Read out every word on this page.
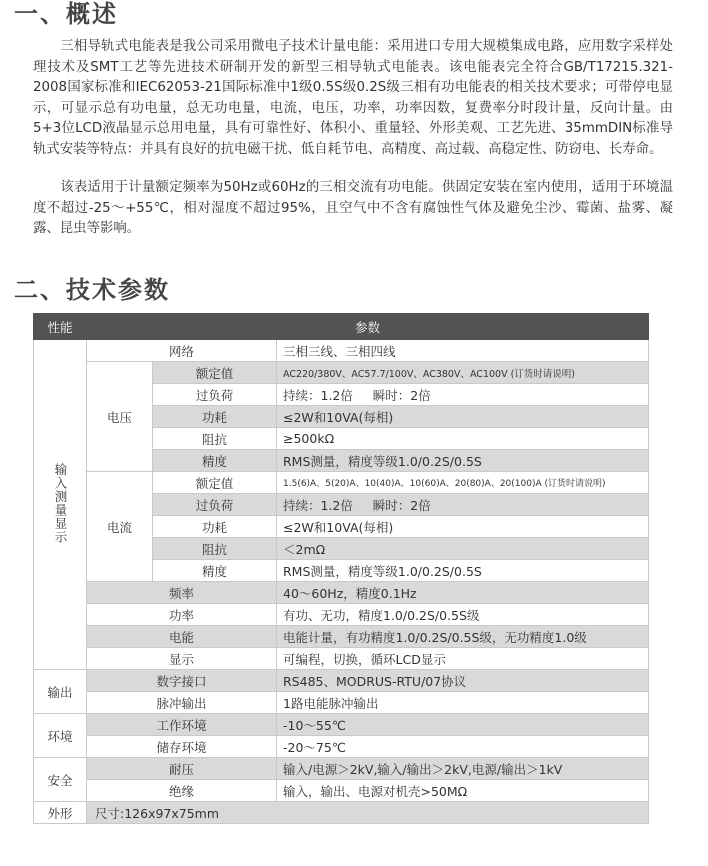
一、概述

三相导轨式电能表是我公司采用微电子技术计量电能：采用进口专用大规模集成电路，应用数字采样处理技术及SMT工艺等先进技术研制开发的新型三相导轨式电能表。该电能表完全符合GB/T17215.321-2008国家标准和IEC62053-21国际标准中1级0.5S级0.2S级三相有功电能表的相关技术要求；可带停电显示，可显示总有功电量，总无功电量，电流，电压，功率，功率因数，复费率分时段计量，反向计量。由5+3位LCD液晶显示总用电量，具有可靠性好、体积小、重量轻、外形美观、工艺先进、35mmDIN标准导轨式安装等特点：并具有良好的抗电磁干扰、低自耗节电、高精度、高过载、高稳定性、防窃电、长寿命。

该表适用于计量额定频率为50Hz或60Hz的三相交流有功电能。供固定安装在室内使用，适用于环境温度不超过-25～+55℃，相对湿度不超过95%，且空气中不含有腐蚀性气体及避免尘沙、霉菌、盐雾、凝露、昆虫等影响。

二、技术参数
性能	参数		
输入测量显示	网络		三相三线、三相四线
	电压	额定值	AC220/380V、AC57.7/100V、AC380V、AC100V (订货时请说明)
		过负荷	持续：1.2倍     瞬时：2倍
		功耗	≤2W和10VA(每相)
		阻抗	≥500kΩ
		精度	RMS测量，精度等级1.0/0.2S/0.5S
	电流	额定值	1.5(6)A、5(20)A、10(40)A、10(60)A、20(80)A、20(100)A (订货时请说明)
		过负荷	持续：1.2倍     瞬时：2倍
		功耗	≤2W和10VA(每相)
		阻抗	＜2mΩ
		精度	RMS测量，精度等级1.0/0.2S/0.5S
	频率		40～60Hz，精度0.1Hz
	功率		有功、无功，精度1.0/0.2S/0.5S级
	电能		电能计量，有功精度1.0/0.2S/0.5S级，无功精度1.0级
	显示		可编程，切换，循环LCD显示
输出	数字接口		RS485、MODRUS-RTU/07协议
	脉冲输出		1路电能脉冲输出
环境	工作环境		-10～55℃
	储存环境		-20～75℃
安全	耐压		输入/电源＞2kV,输入/输出＞2kV,电源/输出＞1kV
	绝缘		输入，输出、电源对机壳>50MΩ
外形	尺寸:126x97x75mm		
